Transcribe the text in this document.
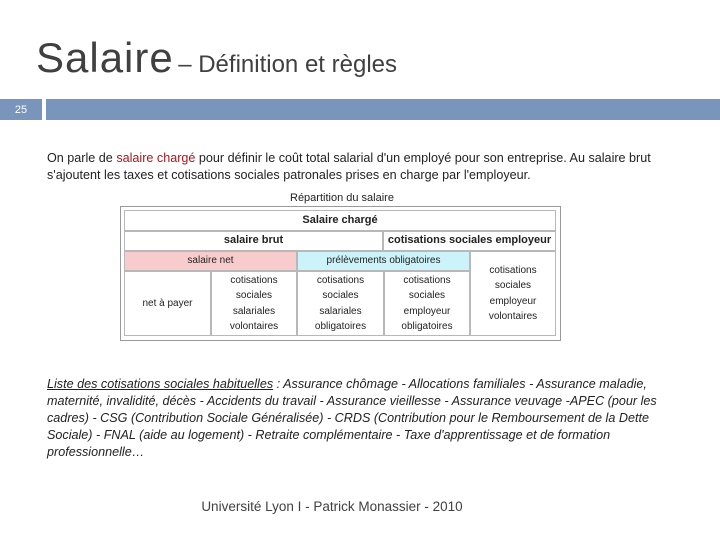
Salaire – Définition et règles
25
On parle de salaire chargé pour définir le coût total salarial d'un employé pour son entreprise. Au salaire brut s'ajoutent les taxes et cotisations sociales patronales prises en charge par l'employeur.
Répartition du salaire
Salaire chargé
salaire brut	cotisations sociales employeur
salaire net	prélèvements obligatoires
cotisations
sociales
employeur
volontaires
net à payer
cotisations
sociales
salariales
volontaires
cotisations
sociales
salariales
obligatoires
cotisations
sociales
employeur
obligatoires
Liste des cotisations sociales habituelles : Assurance chômage - Allocations familiales - Assurance maladie, maternité, invalidité, décès - Accidents du travail - Assurance vieillesse - Assurance veuvage -APEC (pour les cadres) - CSG (Contribution Sociale Généralisée) - CRDS (Contribution pour le Remboursement de la Dette Sociale) - FNAL (aide au logement) - Retraite complémentaire - Taxe d'apprentissage et de formation professionnelle…
Université Lyon I - Patrick Monassier - 2010
